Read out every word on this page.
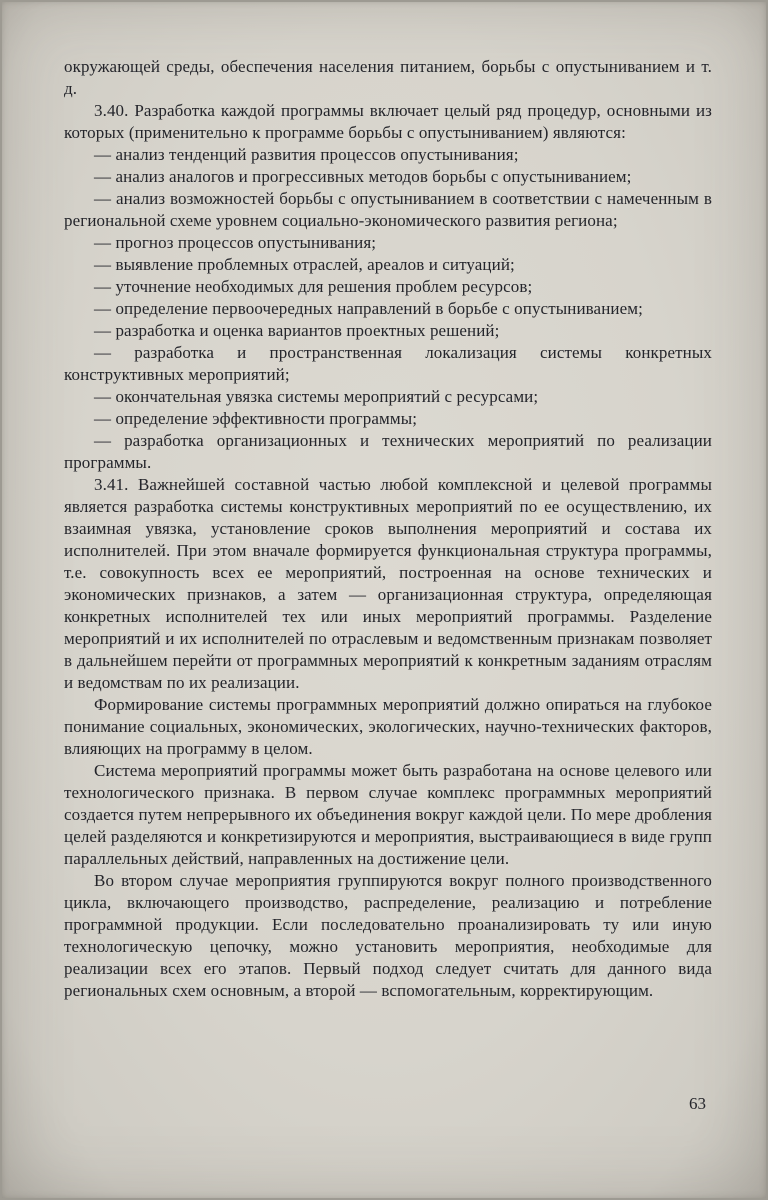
окружающей среды, обеспечения населения питанием, борьбы с опустыниванием и т. д.

3.40. Разработка каждой программы включает целый ряд процедур, основными из которых (применительно к программе борьбы с опустыниванием) являются:

— анализ тенденций развития процессов опустынивания;

— анализ аналогов и прогрессивных методов борьбы с опустыниванием;

— анализ возможностей борьбы с опустыниванием в соответствии с намеченным в региональной схеме уровнем социально-экономического развития региона;

— прогноз процессов опустынивания;

— выявление проблемных отраслей, ареалов и ситуаций;

— уточнение необходимых для решения проблем ресурсов;

— определение первоочередных направлений в борьбе с опустыниванием;

— разработка и оценка вариантов проектных решений;

— разработка и пространственная локализация системы конкретных конструктивных мероприятий;

— окончательная увязка системы мероприятий с ресурсами;

— определение эффективности программы;

— разработка организационных и технических мероприятий по реализации программы.

3.41. Важнейшей составной частью любой комплексной и целевой программы является разработка системы конструктивных мероприятий по ее осуществлению, их взаимная увязка, установление сроков выполнения мероприятий и состава их исполнителей. При этом вначале формируется функциональная структура программы, т.е. совокупность всех ее мероприятий, построенная на основе технических и экономических признаков, а затем — организационная структура, определяющая конкретных исполнителей тех или иных мероприятий программы. Разделение мероприятий и их исполнителей по отраслевым и ведомственным признакам позволяет в дальнейшем перейти от программных мероприятий к конкретным заданиям отраслям и ведомствам по их реализации.

Формирование системы программных мероприятий должно опираться на глубокое понимание социальных, экономических, экологических, научно-технических факторов, влияющих на программу в целом.

Система мероприятий программы может быть разработана на основе целевого или технологического признака. В первом случае комплекс программных мероприятий создается путем непрерывного их объединения вокруг каждой цели. По мере дробления целей разделяются и конкретизируются и мероприятия, выстраивающиеся в виде групп параллельных действий, направленных на достижение цели.

Во втором случае мероприятия группируются вокруг полного производственного цикла, включающего производство, распределение, реализацию и потребление программной продукции. Если последовательно проанализировать ту или иную технологическую цепочку, можно установить мероприятия, необходимые для реализации всех его этапов. Первый подход следует считать для данного вида региональных схем основным, а второй — вспомогательным, корректирующим.

63
